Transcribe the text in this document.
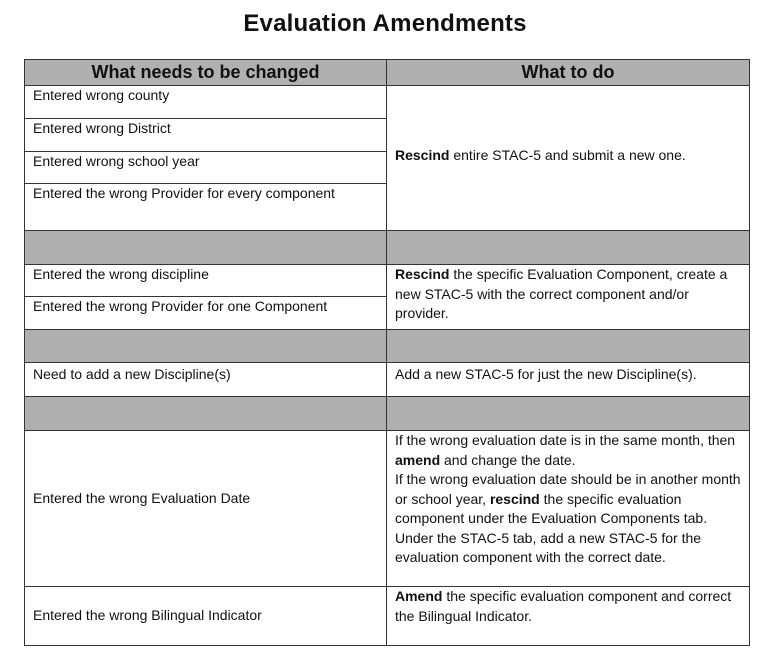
Evaluation Amendments
What needs to be changed	What to do
Entered wrong county
Entered wrong District
Entered wrong school year
Entered the wrong Provider for every component
Rescind entire STAC-5 and submit a new one.
Entered the wrong discipline
Entered the wrong Provider for one Component
Rescind the specific Evaluation Component, create a new STAC-5 with the correct component and/or provider.
Need to add a new Discipline(s)	Add a new STAC-5 for just the new Discipline(s).
Entered the wrong Evaluation Date
If the wrong evaluation date is in the same month, then amend and change the date.
If the wrong evaluation date should be in another month or school year, rescind the specific evaluation component under the Evaluation Components tab. Under the STAC-5 tab, add a new STAC-5 for the evaluation component with the correct date.
Entered the wrong Bilingual Indicator
Amend the specific evaluation component and correct the Bilingual Indicator.
